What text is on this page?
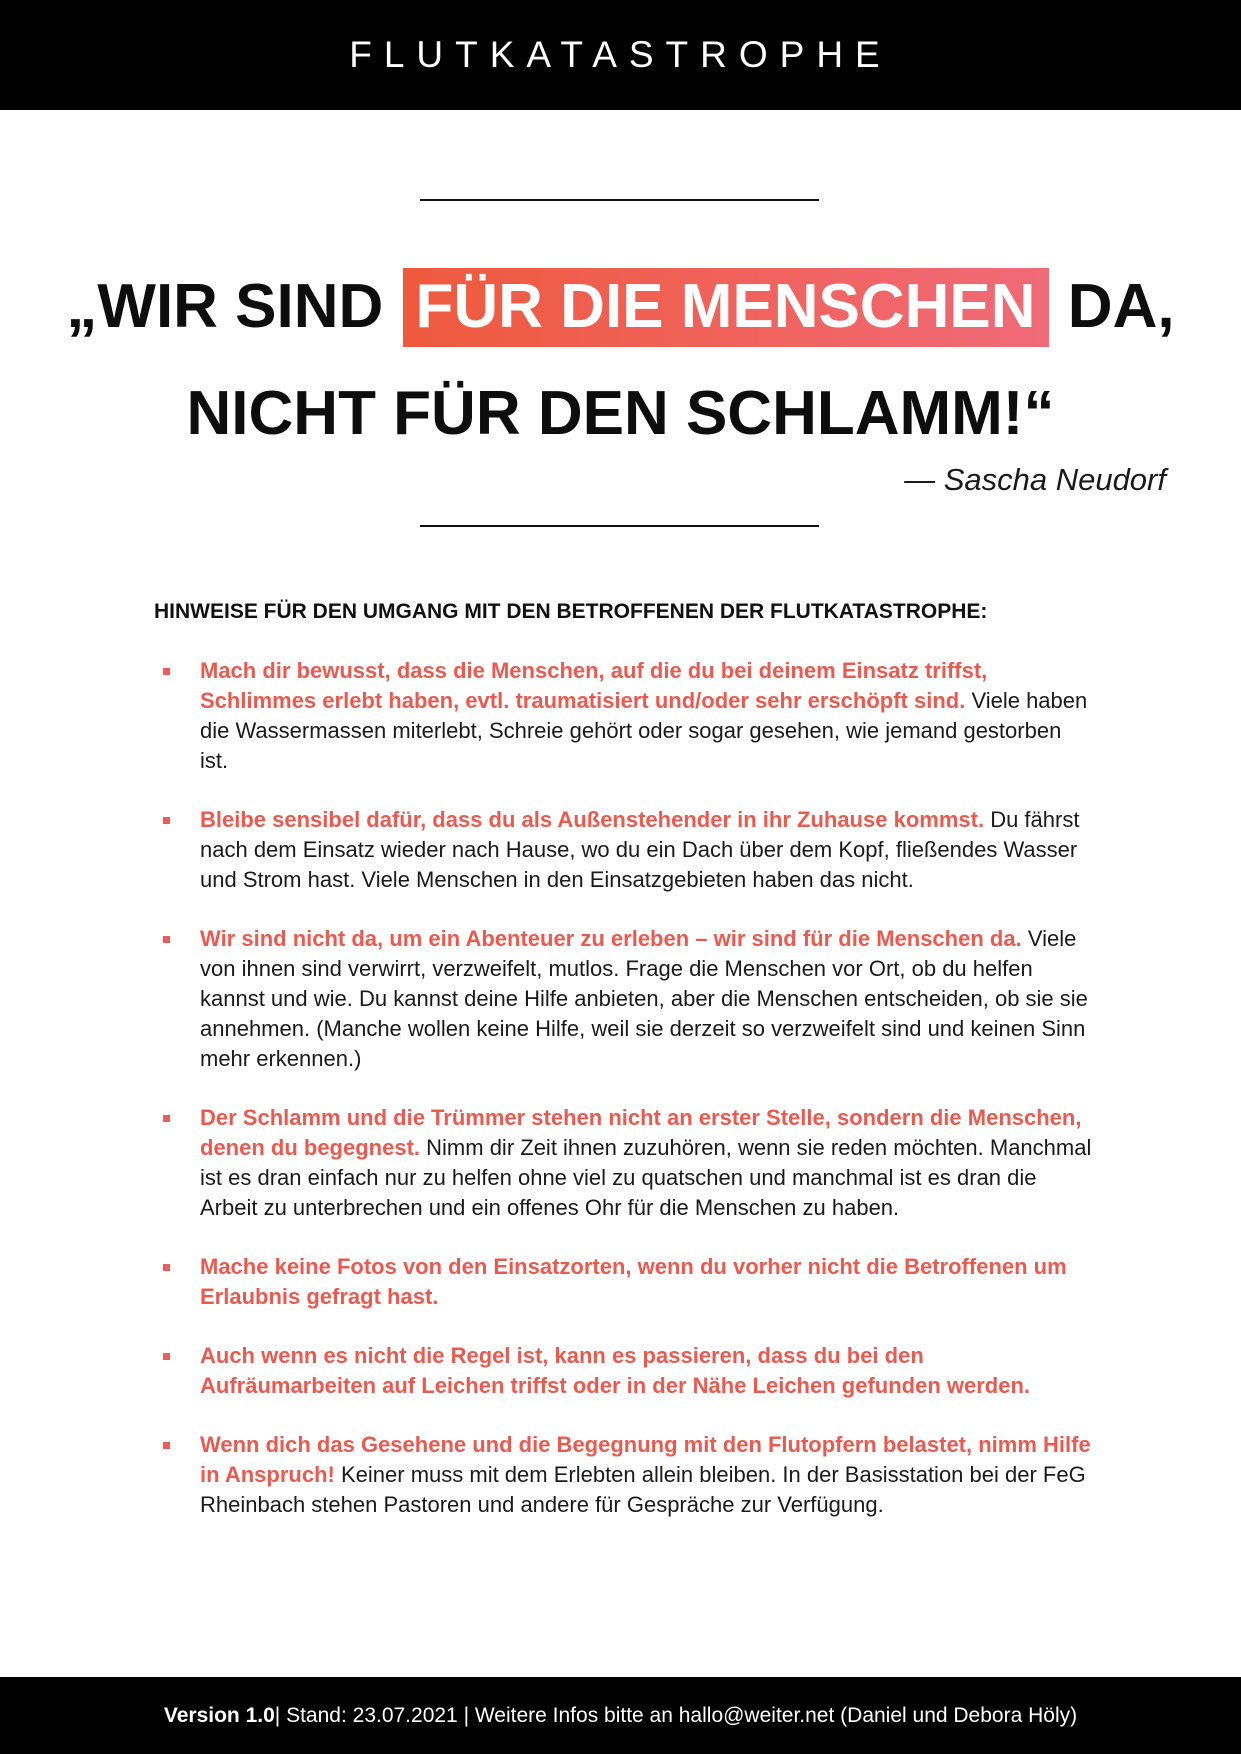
FLUTKATASTROPHE
„WIR SIND FÜR DIE MENSCHEN DA,
NICHT FÜR DEN SCHLAMM!“
— Sascha Neudorf
HINWEISE FÜR DEN UMGANG MIT DEN BETROFFENEN DER FLUTKATASTROPHE:
Mach dir bewusst, dass die Menschen, auf die du bei deinem Einsatz triffst, Schlimmes erlebt haben, evtl. traumatisiert und/oder sehr erschöpft sind. Viele haben die Wassermassen miterlebt, Schreie gehört oder sogar gesehen, wie jemand gestorben ist.
Bleibe sensibel dafür, dass du als Außenstehender in ihr Zuhause kommst. Du fährst nach dem Einsatz wieder nach Hause, wo du ein Dach über dem Kopf, fließendes Wasser und Strom hast. Viele Menschen in den Einsatzgebieten haben das nicht.
Wir sind nicht da, um ein Abenteuer zu erleben – wir sind für die Menschen da. Viele von ihnen sind verwirrt, verzweifelt, mutlos. Frage die Menschen vor Ort, ob du helfen kannst und wie. Du kannst deine Hilfe anbieten, aber die Menschen entscheiden, ob sie sie annehmen. (Manche wollen keine Hilfe, weil sie derzeit so verzweifelt sind und keinen Sinn mehr erkennen.)
Der Schlamm und die Trümmer stehen nicht an erster Stelle, sondern die Menschen, denen du begegnest. Nimm dir Zeit ihnen zuzuhören, wenn sie reden möchten. Manchmal ist es dran einfach nur zu helfen ohne viel zu quatschen und manchmal ist es dran die Arbeit zu unterbrechen und ein offenes Ohr für die Menschen zu haben.
Mache keine Fotos von den Einsatzorten, wenn du vorher nicht die Betroffenen um Erlaubnis gefragt hast.
Auch wenn es nicht die Regel ist, kann es passieren, dass du bei den Aufräumarbeiten auf Leichen triffst oder in der Nähe Leichen gefunden werden.
Wenn dich das Gesehene und die Begegnung mit den Flutopfern belastet, nimm Hilfe in Anspruch! Keiner muss mit dem Erlebten allein bleiben. In der Basisstation bei der FeG Rheinbach stehen Pastoren und andere für Gespräche zur Verfügung.
Version 1.0 | Stand: 23.07.2021 | Weitere Infos bitte an hallo@weiter.net (Daniel und Debora Höly)
